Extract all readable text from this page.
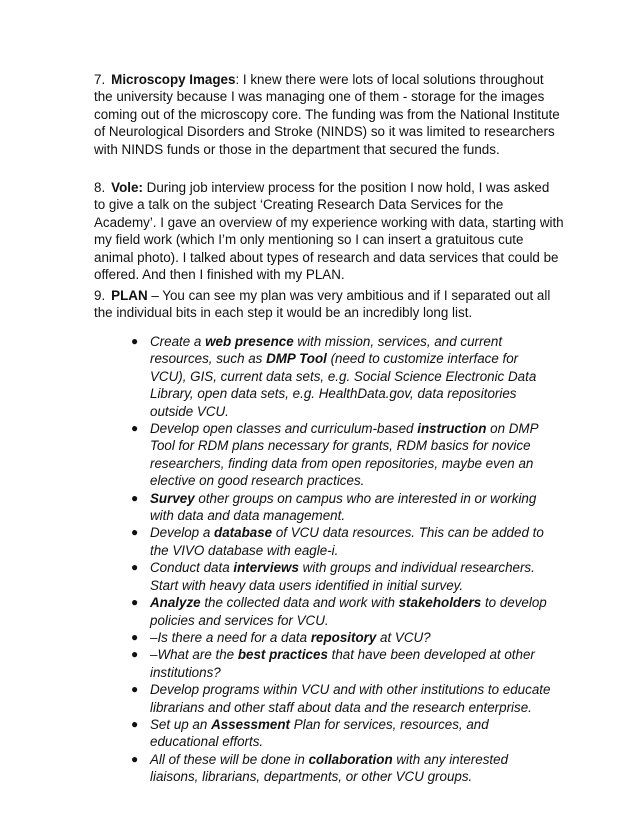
7. Microscopy Images: I knew there were lots of local solutions throughout the university because I was managing one of them - storage for the images coming out of the microscopy core. The funding was from the National Institute of Neurological Disorders and Stroke (NINDS) so it was limited to researchers with NINDS funds or those in the department that secured the funds.

8. Vole: During job interview process for the position I now hold, I was asked to give a talk on the subject ‘Creating Research Data Services for the Academy’. I gave an overview of my experience working with data, starting with my field work (which I’m only mentioning so I can insert a gratuitous cute animal photo). I talked about types of research and data services that could be offered. And then I finished with my PLAN.

9. PLAN – You can see my plan was very ambitious and if I separated out all the individual bits in each step it would be an incredibly long list.

● Create a web presence with mission, services, and current resources, such as DMP Tool (need to customize interface for VCU), GIS, current data sets, e.g. Social Science Electronic Data Library, open data sets, e.g. HealthData.gov, data repositories outside VCU.
● Develop open classes and curriculum-based instruction on DMP Tool for RDM plans necessary for grants, RDM basics for novice researchers, finding data from open repositories, maybe even an elective on good research practices.
● Survey other groups on campus who are interested in or working with data and data management.
● Develop a database of VCU data resources. This can be added to the VIVO database with eagle-i.
● Conduct data interviews with groups and individual researchers. Start with heavy data users identified in initial survey.
● Analyze the collected data and work with stakeholders to develop policies and services for VCU.
● –Is there a need for a data repository at VCU?
● –What are the best practices that have been developed at other institutions?
● Develop programs within VCU and with other institutions to educate librarians and other staff about data and the research enterprise.
● Set up an Assessment Plan for services, resources, and educational efforts.
● All of these will be done in collaboration with any interested liaisons, librarians, departments, or other VCU groups.
